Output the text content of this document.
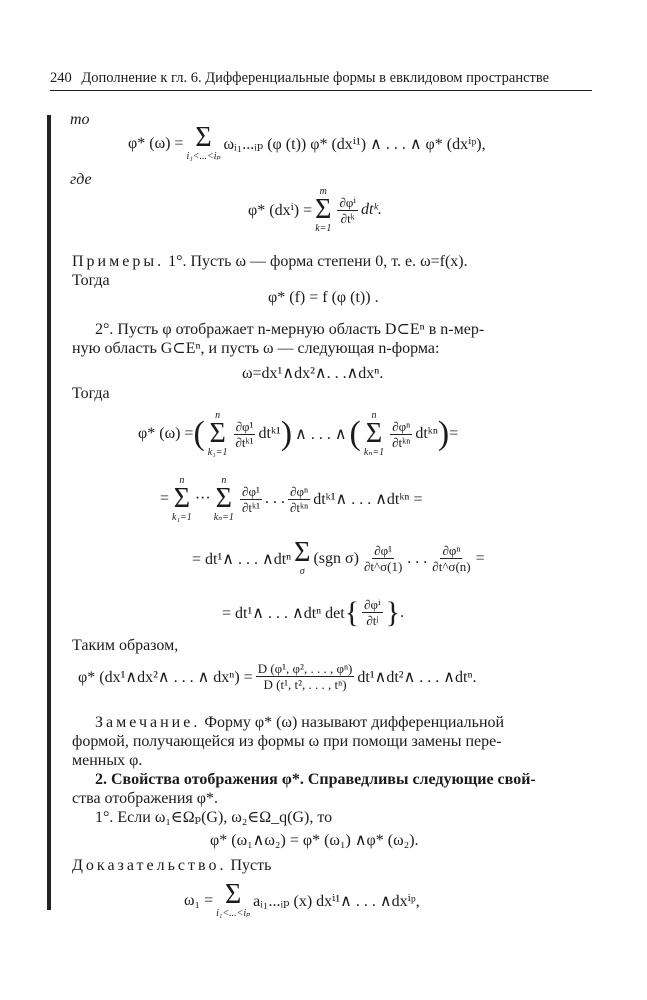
240 Дополнение к гл. 6. Дифференциальные формы в евклидовом пространстве
то
φ* (ω) = Σ
i₁<...<iₚ
ωᵢ₁...ᵢₚ (φ (t)) φ* (dxⁱ¹) ∧ . . . ∧ φ* (dxⁱᵖ),
где
φ* (dxⁱ) =
m
Σ
k=1
$\frac{\text{∂φⁱ}}{\text{∂tᵏ}}$ dtᵏ.
Примеры. 1°. Пусть ω — форма степени 0, т. е. ω=f(x).
Тогда
φ* (f) = f (φ (t)) .
2°. Пусть φ отображает n-мерную область D⊂Eⁿ в n-мер-
ную область G⊂Eⁿ, и пусть ω — следующая n-форма:
ω=dx¹∧dx²∧. . .∧dxⁿ.
Тогда
φ* (ω) = ( n
Σ
k₁=1
$\frac{\text{∂φ¹}}{\text{∂tᵏ¹}}$ dtᵏ¹ ) ∧ . . . ∧ ( n
Σ
kₙ=1
$\frac{\text{∂φⁿ}}{\text{∂tᵏⁿ}}$ dtᵏⁿ ) =
=
n
Σ
k₁=1
···
n
Σ
kₙ=1
$\frac{\text{∂φ¹}}{\text{∂tᵏ¹}}$ . . . $\frac{\text{∂φⁿ}}{\text{∂tᵏⁿ}}$ dtᵏ¹∧ . . . ∧dtᵏⁿ =
= dt¹∧ . . . ∧dtⁿ Σ
σ
(sgn $\sigma) \frac{\text{∂φ¹}}{\partial t\^{}\sigma(1)}$ . . . $\frac{\text{∂φⁿ}}{\partial t\^{}\sigma(n)}$ =
= dt¹∧ . . . ∧dtⁿ det { $\frac{\text{∂φⁱ}}{\text{∂tʲ}}$ } .
Таким образом,
φ* (dx¹∧dx²∧ . . . ∧ $dx^n) = \frac{\text{D (φ¹, φ², . . . , φⁿ)}}{\text{D (t¹, t², . . . , tⁿ)}}$ dt¹∧dt²∧ . . . ∧dtⁿ.
Замечание. Форму φ* (ω) называют дифференциальной
формой, получающейся из формы ω при помощи замены пере-
менных φ.
2. Свойства отображения φ*. Справедливы следующие свой-
ства отображения φ*.
1°. Если ω₁∈Ωₚ(G), ω₂∈Ω_q(G), то
φ* (ω₁∧ω₂) = φ* (ω₁) ∧φ* (ω₂).
Доказательство. Пусть
ω₁ = Σ
i₁<...<iₚ
aᵢ₁...ᵢₚ (x) dxⁱ¹∧ . . . ∧dxⁱᵖ,
